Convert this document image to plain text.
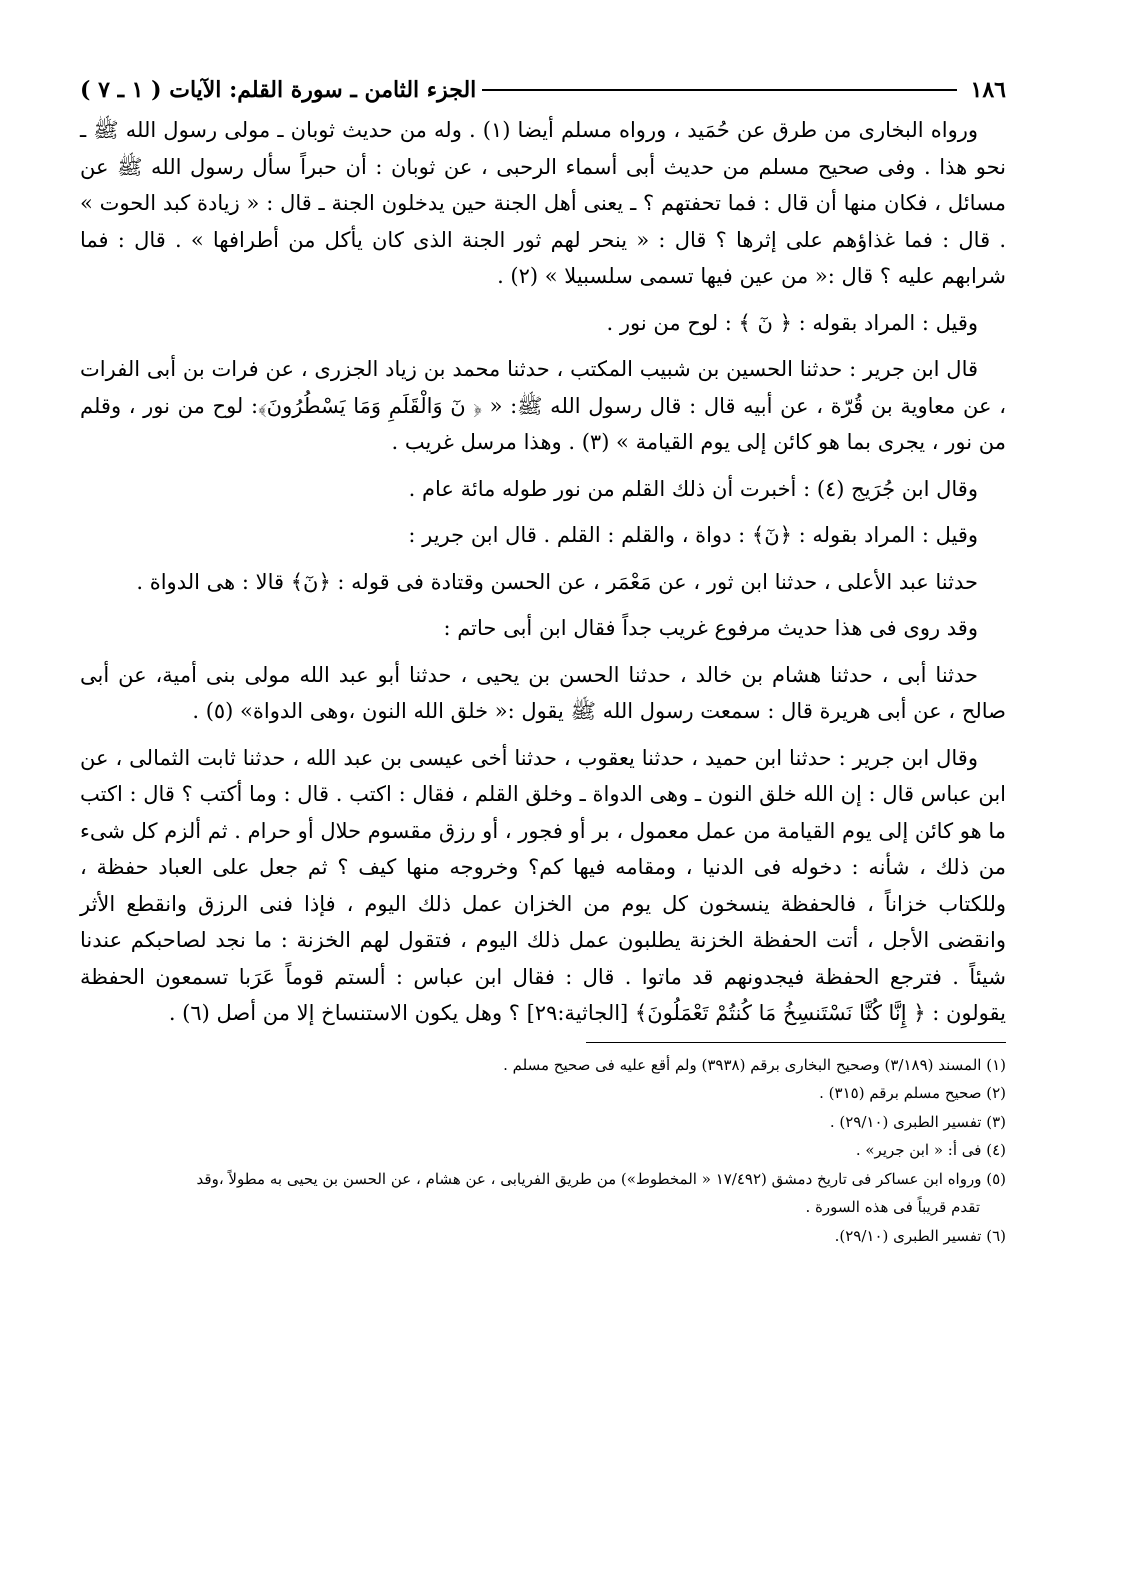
١٨٦
الجزء الثامن ـ سورة القلم: الآيات ( ١ ـ ٧ )

ورواه البخارى من طرق عن حُمَيد ، ورواه مسلم أيضا (١) . وله من حديث ثوبان ـ مولى رسول الله ﷺ ـ نحو هذا . وفى صحيح مسلم من حديث أبى أسماء الرحبى ، عن ثوبان : أن حبراً سأل رسول الله ﷺ عن مسائل ، فكان منها أن قال : فما تحفتهم ؟ ـ يعنى أهل الجنة حين يدخلون الجنة ـ قال : « زيادة كبد الحوت » . قال : فما غذاؤهم على إثرها ؟ قال : « ينحر لهم ثور الجنة الذى كان يأكل من أطرافها » . قال : فما شرابهم عليه ؟ قال :« من عين فيها تسمى سلسبيلا » (٢) .

وقيل : المراد بقوله : ﴿ نٓ ﴾ : لوح من نور .

قال ابن جرير : حدثنا الحسين بن شبيب المكتب ، حدثنا محمد بن زياد الجزرى ، عن فرات بن أبى الفرات ، عن معاوية بن قُرّة ، عن أبيه قال : قال رسول الله ﷺ: « ﴿ نٓ وَالْقَلَمِ وَمَا يَسْطُرُونَ﴾: لوح من نور ، وقلم من نور ، يجرى بما هو كائن إلى يوم القيامة » (٣) . وهذا مرسل غريب .

وقال ابن جُرَيج (٤) : أخبرت أن ذلك القلم من نور طوله مائة عام .

وقيل : المراد بقوله : ﴿نٓ﴾ : دواة ، والقلم : القلم . قال ابن جرير :

حدثنا عبد الأعلى ، حدثنا ابن ثور ، عن مَعْمَر ، عن الحسن وقتادة فى قوله : ﴿نٓ﴾ قالا : هى الدواة .

وقد روى فى هذا حديث مرفوع غريب جداً فقال ابن أبى حاتم :

حدثنا أبى ، حدثنا هشام بن خالد ، حدثنا الحسن بن يحيى ، حدثنا أبو عبد الله مولى بنى أمية، عن أبى صالح ، عن أبى هريرة قال : سمعت رسول الله ﷺ يقول :« خلق الله النون ،وهى الدواة» (٥) .

وقال ابن جرير : حدثنا ابن حميد ، حدثنا يعقوب ، حدثنا أخى عيسى بن عبد الله ، حدثنا ثابت الثمالى ، عن ابن عباس قال : إن الله خلق النون ـ وهى الدواة ـ وخلق القلم ، فقال : اكتب . قال : وما أكتب ؟ قال : اكتب ما هو كائن إلى يوم القيامة من عمل معمول ، بر أو فجور ، أو رزق مقسوم حلال أو حرام . ثم ألزم كل شىء من ذلك ، شأنه : دخوله فى الدنيا ، ومقامه فيها كم؟ وخروجه منها كيف ؟ ثم جعل على العباد حفظة ، وللكتاب خزاناً ، فالحفظة ينسخون كل يوم من الخزان عمل ذلك اليوم ، فإذا فنى الرزق وانقطع الأثر وانقضى الأجل ، أتت الحفظة الخزنة يطلبون عمل ذلك اليوم ، فتقول لهم الخزنة : ما نجد لصاحبكم عندنا شيئاً . فترجع الحفظة فيجدونهم قد ماتوا . قال : فقال ابن عباس : ألستم قوماً عَرَبا تسمعون الحفظة يقولون : ﴿ إِنَّا كُنَّا نَسْتَنسِخُ مَا كُنتُمْ تَعْمَلُونَ﴾ [الجاثية:٢٩] ؟ وهل يكون الاستنساخ إلا من أصل (٦) .

(١) المسند (٣/١٨٩) وصحيح البخارى برقم (٣٩٣٨) ولم أقع عليه فى صحيح مسلم .
(٢) صحيح مسلم برقم (٣١٥) .
(٣) تفسير الطبرى (٢٩/١٠) .
(٤) فى أ: « ابن جرير» .
(٥) ورواه ابن عساكر فى تاريخ دمشق (١٧/٤٩٢ « المخطوط») من طريق الفريابى ، عن هشام ، عن الحسن بن يحيى به مطولاً ،وقد
تقدم قريباً فى هذه السورة .
(٦) تفسير الطبرى (٢٩/١٠).
